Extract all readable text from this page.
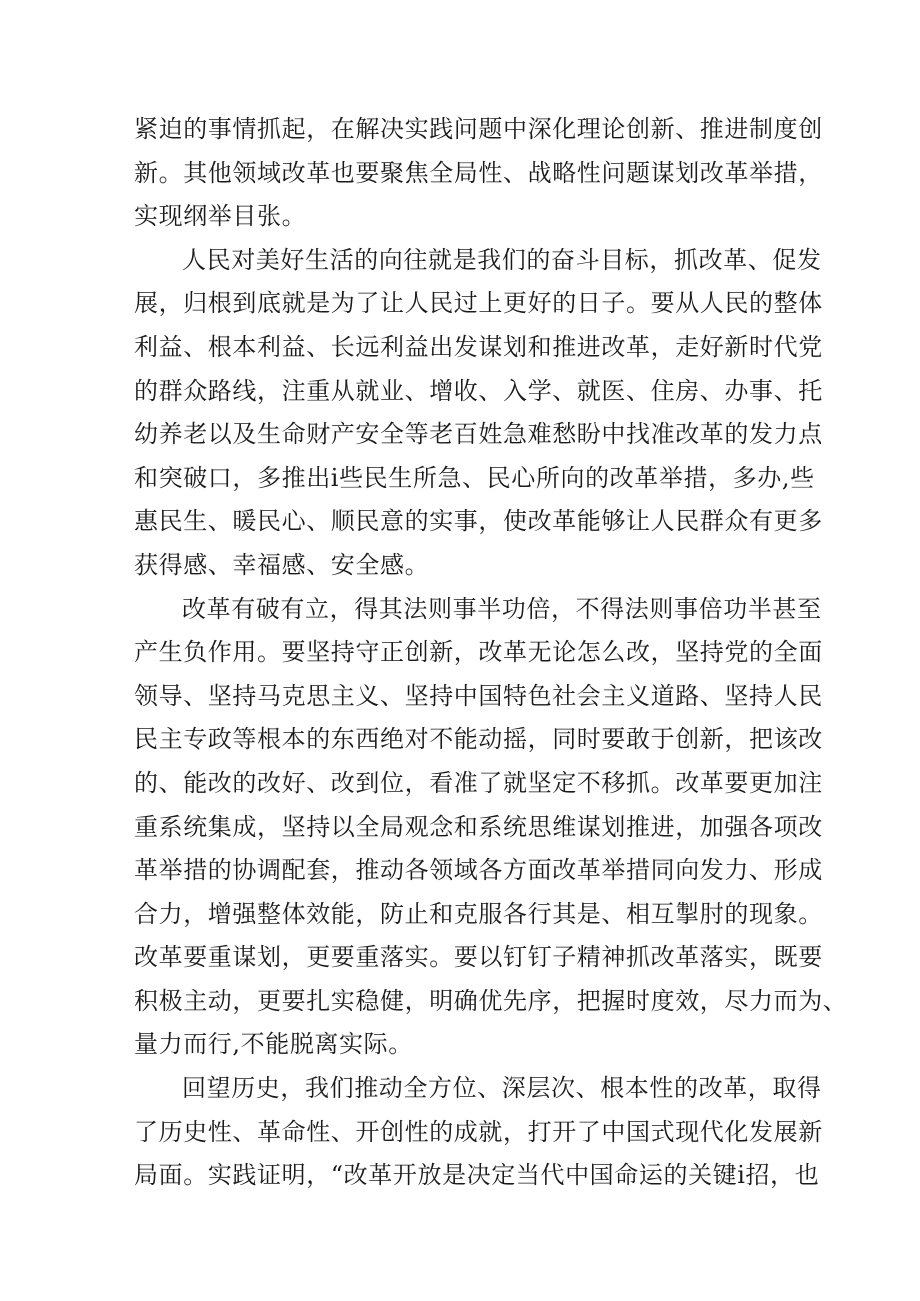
紧迫的事情抓起，在解决实践问题中深化理论创新、推进制度创
新。其他领域改革也要聚焦全局性、战略性问题谋划改革举措，
实现纲举目张。
人民对美好生活的向往就是我们的奋斗目标，抓改革、促发
展，归根到底就是为了让人民过上更好的日子。要从人民的整体
利益、根本利益、长远利益出发谋划和推进改革，走好新时代党
的群众路线，注重从就业、增收、入学、就医、住房、办事、托
幼养老以及生命财产安全等老百姓急难愁盼中找准改革的发力点
和突破口，多推出i些民生所急、民心所向的改革举措，多办,些
惠民生、暖民心、顺民意的实事，使改革能够让人民群众有更多
获得感、幸福感、安全感。
改革有破有立，得其法则事半功倍，不得法则事倍功半甚至
产生负作用。要坚持守正创新，改革无论怎么改，坚持党的全面
领导、坚持马克思主义、坚持中国特色社会主义道路、坚持人民
民主专政等根本的东西绝对不能动摇，同时要敢于创新，把该改
的、能改的改好、改到位，看准了就坚定不移抓。改革要更加注
重系统集成，坚持以全局观念和系统思维谋划推进，加强各项改
革举措的协调配套，推动各领域各方面改革举措同向发力、形成
合力，增强整体效能，防止和克服各行其是、相互掣肘的现象。
改革要重谋划，更要重落实。要以钉钉子精神抓改革落实，既要
积极主动，更要扎实稳健，明确优先序，把握时度效，尽力而为、
量力而行,不能脱离实际。
回望历史，我们推动全方位、深层次、根本性的改革，取得
了历史性、革命性、开创性的成就，打开了中国式现代化发展新
局面。实践证明，“改革开放是决定当代中国命运的关键i招，也
